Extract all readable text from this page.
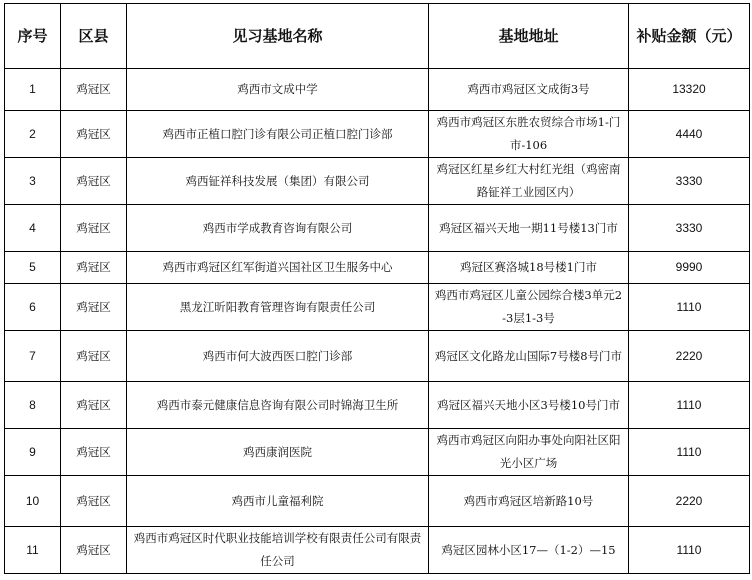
序号	区县	见习基地名称	基地地址	补贴金额（元）
1	鸡冠区	鸡西市文成中学	鸡西市鸡冠区文成街3号	13320
2	鸡冠区	鸡西市正植口腔门诊有限公司正植口腔门诊部	鸡西市鸡冠区东胜农贸综合市场1-门市-106	4440
3	鸡冠区	鸡西钲祥科技发展（集团）有限公司	鸡冠区红星乡红大村红光组（鸡密南路钲祥工业园区内）	3330
4	鸡冠区	鸡西市学成教育咨询有限公司	鸡冠区福兴天地一期11号楼13门市	3330
5	鸡冠区	鸡西市鸡冠区红军街道兴国社区卫生服务中心	鸡冠区赛洛城18号楼1门市	9990
6	鸡冠区	黑龙江昕阳教育管理咨询有限责任公司	鸡西市鸡冠区儿童公园综合楼3单元2-3层1-3号	1110
7	鸡冠区	鸡西市何大波西医口腔门诊部	鸡冠区文化路龙山国际7号楼8号门市	2220
8	鸡冠区	鸡西市泰元健康信息咨询有限公司时锦海卫生所	鸡冠区福兴天地小区3号楼10号门市	1110
9	鸡冠区	鸡西康润医院	鸡西市鸡冠区向阳办事处向阳社区阳光小区广场	1110
10	鸡冠区	鸡西市儿童福利院	鸡西市鸡冠区培新路10号	2220
11	鸡冠区	鸡西市鸡冠区时代职业技能培训学校有限责任公司有限责任公司	鸡冠区园林小区17—（1-2）—15	1110
